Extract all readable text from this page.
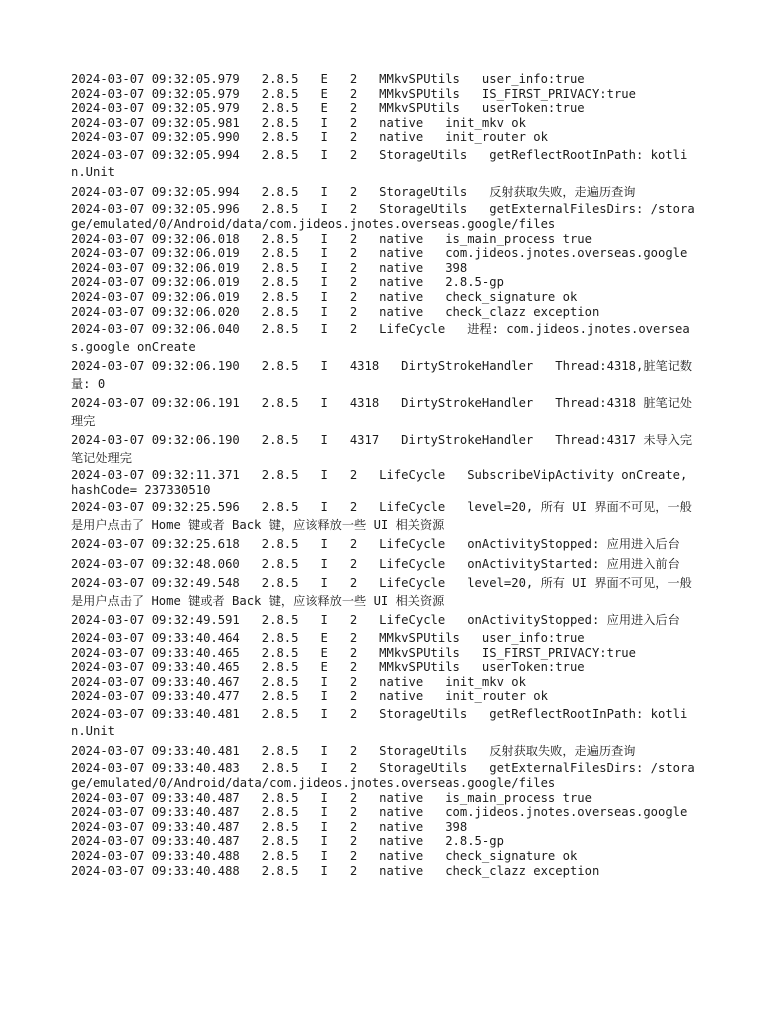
2024-03-07 09:32:05.979   2.8.5   E   2   MMkvSPUtils   user_info:true

2024-03-07 09:32:05.979   2.8.5   E   2   MMkvSPUtils   IS_FIRST_PRIVACY:true

2024-03-07 09:32:05.979   2.8.5   E   2   MMkvSPUtils   userToken:true

2024-03-07 09:32:05.981   2.8.5   I   2   native   init_mkv ok

2024-03-07 09:32:05.990   2.8.5   I   2   native   init_router ok

2024-03-07 09:32:05.994   2.8.5   I   2   StorageUtils   getReflectRootInPath: kotlin.Unit

2024-03-07 09:32:05.994   2.8.5   I   2   StorageUtils   反射获取失败，走遍历查询

2024-03-07 09:32:05.996   2.8.5   I   2   StorageUtils   getExternalFilesDirs: /storage/emulated/0/Android/data/com.jideos.jnotes.overseas.google/files

2024-03-07 09:32:06.018   2.8.5   I   2   native   is_main_process true

2024-03-07 09:32:06.019   2.8.5   I   2   native   com.jideos.jnotes.overseas.google

2024-03-07 09:32:06.019   2.8.5   I   2   native   398

2024-03-07 09:32:06.019   2.8.5   I   2   native   2.8.5-gp

2024-03-07 09:32:06.019   2.8.5   I   2   native   check_signature ok

2024-03-07 09:32:06.020   2.8.5   I   2   native   check_clazz exception

2024-03-07 09:32:06.040   2.8.5   I   2   LifeCycle   进程: com.jideos.jnotes.overseas.google onCreate

2024-03-07 09:32:06.190   2.8.5   I   4318   DirtyStrokeHandler   Thread:4318,脏笔记数量: 0

2024-03-07 09:32:06.191   2.8.5   I   4318   DirtyStrokeHandler   Thread:4318 脏笔记处理完

2024-03-07 09:32:06.190   2.8.5   I   4317   DirtyStrokeHandler   Thread:4317 未导入完笔记处理完

2024-03-07 09:32:11.371   2.8.5   I   2   LifeCycle   SubscribeVipActivity onCreate, hashCode= 237330510

2024-03-07 09:32:25.596   2.8.5   I   2   LifeCycle   level=20, 所有 UI 界面不可见，一般是用户点击了 Home 键或者 Back 键，应该释放一些 UI 相关资源

2024-03-07 09:32:25.618   2.8.5   I   2   LifeCycle   onActivityStopped: 应用进入后台

2024-03-07 09:32:48.060   2.8.5   I   2   LifeCycle   onActivityStarted: 应用进入前台

2024-03-07 09:32:49.548   2.8.5   I   2   LifeCycle   level=20, 所有 UI 界面不可见，一般是用户点击了 Home 键或者 Back 键，应该释放一些 UI 相关资源

2024-03-07 09:32:49.591   2.8.5   I   2   LifeCycle   onActivityStopped: 应用进入后台

2024-03-07 09:33:40.464   2.8.5   E   2   MMkvSPUtils   user_info:true

2024-03-07 09:33:40.465   2.8.5   E   2   MMkvSPUtils   IS_FIRST_PRIVACY:true

2024-03-07 09:33:40.465   2.8.5   E   2   MMkvSPUtils   userToken:true

2024-03-07 09:33:40.467   2.8.5   I   2   native   init_mkv ok

2024-03-07 09:33:40.477   2.8.5   I   2   native   init_router ok

2024-03-07 09:33:40.481   2.8.5   I   2   StorageUtils   getReflectRootInPath: kotlin.Unit

2024-03-07 09:33:40.481   2.8.5   I   2   StorageUtils   反射获取失败，走遍历查询

2024-03-07 09:33:40.483   2.8.5   I   2   StorageUtils   getExternalFilesDirs: /storage/emulated/0/Android/data/com.jideos.jnotes.overseas.google/files

2024-03-07 09:33:40.487   2.8.5   I   2   native   is_main_process true

2024-03-07 09:33:40.487   2.8.5   I   2   native   com.jideos.jnotes.overseas.google

2024-03-07 09:33:40.487   2.8.5   I   2   native   398

2024-03-07 09:33:40.487   2.8.5   I   2   native   2.8.5-gp

2024-03-07 09:33:40.488   2.8.5   I   2   native   check_signature ok

2024-03-07 09:33:40.488   2.8.5   I   2   native   check_clazz exception
